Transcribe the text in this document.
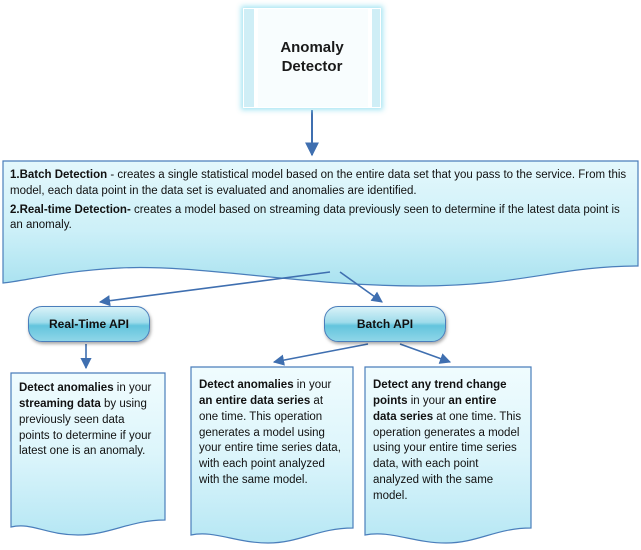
Anomaly
Detector

1.Batch Detection - creates a single statistical model based on the entire data set that you pass to the service. From this model, each data point in the data set is evaluated and anomalies are identified.

2.Real-time Detection- creates a model based on streaming data previously seen to determine if the latest data point is an anomaly.

Real-Time API	Batch API
Detect anomalies in your streaming data by using previously seen data points to determine if your latest one is an anomaly.
Detect anomalies in your an entire data series at one time. This operation generates a model using your entire time series data, with each point analyzed with the same model.
Detect any trend change points in your an entire data series at one time. This operation generates a model using your entire time series data, with each point analyzed with the same model.
